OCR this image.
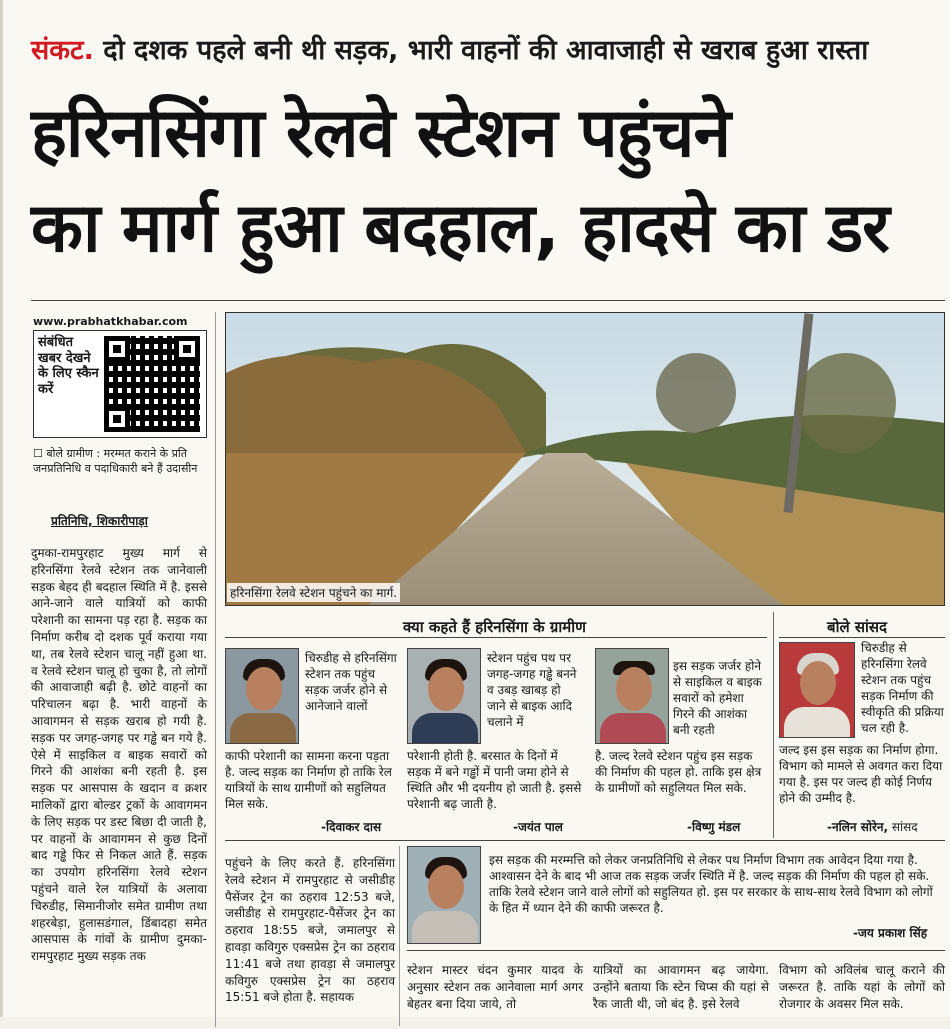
संकट. दो दशक पहले बनी थी सड़क, भारी वाहनों की आवाजाही से खराब हुआ रास्ता
हरिनसिंगा रेलवे स्टेशन पहुंचने
का मार्ग हुआ बदहाल, हादसे का डर
www.prabhatkhabar.com
संबंधित खबर देखने के लिए स्कैन करें
☐ बोले ग्रामीण : मरम्मत कराने के प्रति जनप्रतिनिधि व पदाधिकारी बने हैं उदासीन
प्रतिनिधि, शिकारीपाड़ा
दुमका-रामपुरहाट मुख्य मार्ग से हरिनसिंगा रेलवे स्टेशन तक जानेवाली सड़क बेहद ही बदहाल स्थिति में है. इससे आने-जाने वाले यात्रियों को काफी परेशानी का सामना पड़ रहा है. सड़क का निर्माण करीब दो दशक पूर्व कराया गया था, तब रेलवे स्टेशन चालू नहीं हुआ था. व रेलवे स्टेशन चालू हो चुका है, तो लोगों की आवाजाही बढ़ी है. छोटे वाहनों का परिचालन बढ़ा है. भारी वाहनों के आवागमन से सड़क खराब हो गयी है. सड़क पर जगह-जगह पर गड्ढे बन गये है. ऐसे में साइकिल व बाइक सवारों को गिरने की आशंका बनी रहती है. इस सड़क पर आसपास के खदान व क्रशर मालिकों द्वारा बोल्डर ट्रकों के आवागमन के लिए सड़क पर डस्ट बिछा दी जाती है, पर वाहनों के आवागमन से कुछ दिनों बाद गड्ढे फिर से निकल आते हैं. सड़क का उपयोग हरिनसिंगा रेलवे स्टेशन पहुंचने वाले रेल यात्रियों के अलावा चिरुडीह, सिमानीजोर समेत ग्रामीण तथा शहरबेड़ा, हुलासडंगाल, डिंबादहा समेत आसपास के गांवों के ग्रामीण दुमका-रामपुरहाट मुख्य सड़क तक
हरिनसिंगा रेलवे स्टेशन पहुंचने का मार्ग.
क्या कहते हैं हरिनसिंगा के ग्रामीण
चिरुडीह से हरिनसिंगा स्टेशन तक पहुंच सड़क जर्जर होने से आनेजाने वालों
काफी परेशानी का सामना करना पड़ता है. जल्द सड़क का निर्माण हो ताकि रेल यात्रियों के साथ ग्रामीणों को सहुलियत मिल सके.
-दिवाकर दास
स्टेशन पहुंच पथ पर जगह-जगह गड्ढे बनने व उबड़ खाबड़ हो जाने से बाइक आदि चलाने में
परेशानी होती है. बरसात के दिनों में सड़क में बने गड्ढों में पानी जमा होने से स्थिति और भी दयनीय हो जाती है. इससे परेशानी बढ़ जाती है.
-जयंत पाल
इस सड़क जर्जर होने से साइकिल व बाइक सवारों को हमेशा गिरने की आशंका बनी रहती
है. जल्द रेलवे स्टेशन पहुंच इस सड़क की निर्माण की पहल हो. ताकि इस क्षेत्र के ग्रामीणों को सहुलियत मिल सके.
-विष्णु मंडल
बोले सांसद
चिरुडीह से हरिनसिंगा रेलवे स्टेशन तक पहुंच सड़क निर्माण की स्वीकृति की प्रक्रिया चल रही है.
जल्द इस इस सड़क का निर्माण होगा. विभाग को मामले से अवगत करा दिया गया है. इस पर जल्द ही कोई निर्णय होने की उम्मीद है.
-नलिन सोरेन, सांसद
पहुंचने के लिए करते हैं. हरिनसिंगा रेलवे स्टेशन में रामपुरहाट से जसीडीह पैसेंजर ट्रेन का ठहराव 12:53 बजे, जसीडीह से रामपुरहाट-पैसेंजर ट्रेन का ठहराव 18:55 बजे, जमालपुर से हावड़ा कविगुरु एक्सप्रेस ट्रेन का ठहराव 11:41 बजे तथा हावड़ा से जमालपुर कविगुरु एक्सप्रेस ट्रेन का ठहराव 15:51 बजे होता है. सहायक
इस सड़क की मरम्मत्ति को लेकर जनप्रतिनिधि से लेकर पथ निर्माण विभाग तक आवेदन दिया गया है. आश्वासन देने के बाद भी आज तक सड़क जर्जर स्थिति में है. जल्द सड़क की निर्माण की पहल हो सके. ताकि रेलवे स्टेशन जाने वाले लोगों को सहुलियत हो. इस पर सरकार के साथ-साथ रेलवे विभाग को लोगों के हित में ध्यान देने की काफी जरूरत है.
-जय प्रकाश सिंह
स्टेशन मास्टर चंदन कुमार यादव के अनुसार स्टेशन तक आनेवाला मार्ग अगर बेहतर बना दिया जाये, तो
यात्रियों का आवागमन बढ़ जायेगा. उन्होंने बताया कि स्टेन चिप्स की यहां से रैक जाती थी, जो बंद है. इसे रेलवे
विभाग को अविलंब चालू कराने की जरूरत है. ताकि यहां के लोगों को रोजगार के अवसर मिल सके.
